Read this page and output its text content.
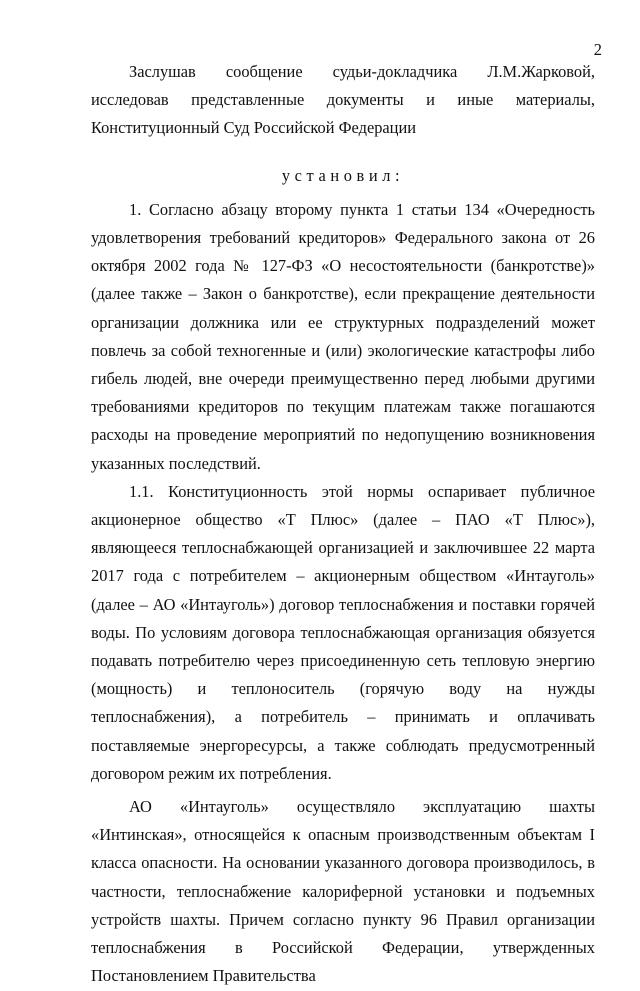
2

Заслушав сообщение судьи-докладчика Л.М.Жарковой, исследовав представленные документы и иные материалы, Конституционный Суд Российской Федерации

установил:

1. Согласно абзацу второму пункта 1 статьи 134 «Очередность удовлетворения требований кредиторов» Федерального закона от 26 октября 2002 года № 127-ФЗ «О несостоятельности (банкротстве)» (далее также – Закон о банкротстве), если прекращение деятельности организации должника или ее структурных подразделений может повлечь за собой техногенные и (или) экологические катастрофы либо гибель людей, вне очереди преимущественно перед любыми другими требованиями кредиторов по текущим платежам также погашаются расходы на проведение мероприятий по недопущению возникновения указанных последствий.

1.1. Конституционность этой нормы оспаривает публичное акционерное общество «Т Плюс» (далее – ПАО «Т Плюс»), являющееся теплоснабжающей организацией и заключившее 22 марта 2017 года с потребителем – акционерным обществом «Интауголь» (далее – АО «Интауголь») договор теплоснабжения и поставки горячей воды. По условиям договора теплоснабжающая организация обязуется подавать потребителю через присоединенную сеть тепловую энергию (мощность) и теплоноситель (горячую воду на нужды теплоснабжения), а потребитель – принимать и оплачивать поставляемые энергоресурсы, а также соблюдать предусмотренный договором режим их потребления.

АО «Интауголь» осуществляло эксплуатацию шахты «Интинская», относящейся к опасным производственным объектам I класса опасности. На основании указанного договора производилось, в частности, теплоснабжение калориферной установки и подъемных устройств шахты. Причем согласно пункту 96 Правил организации теплоснабжения в Российской Федерации, утвержденных Постановлением Правительства
